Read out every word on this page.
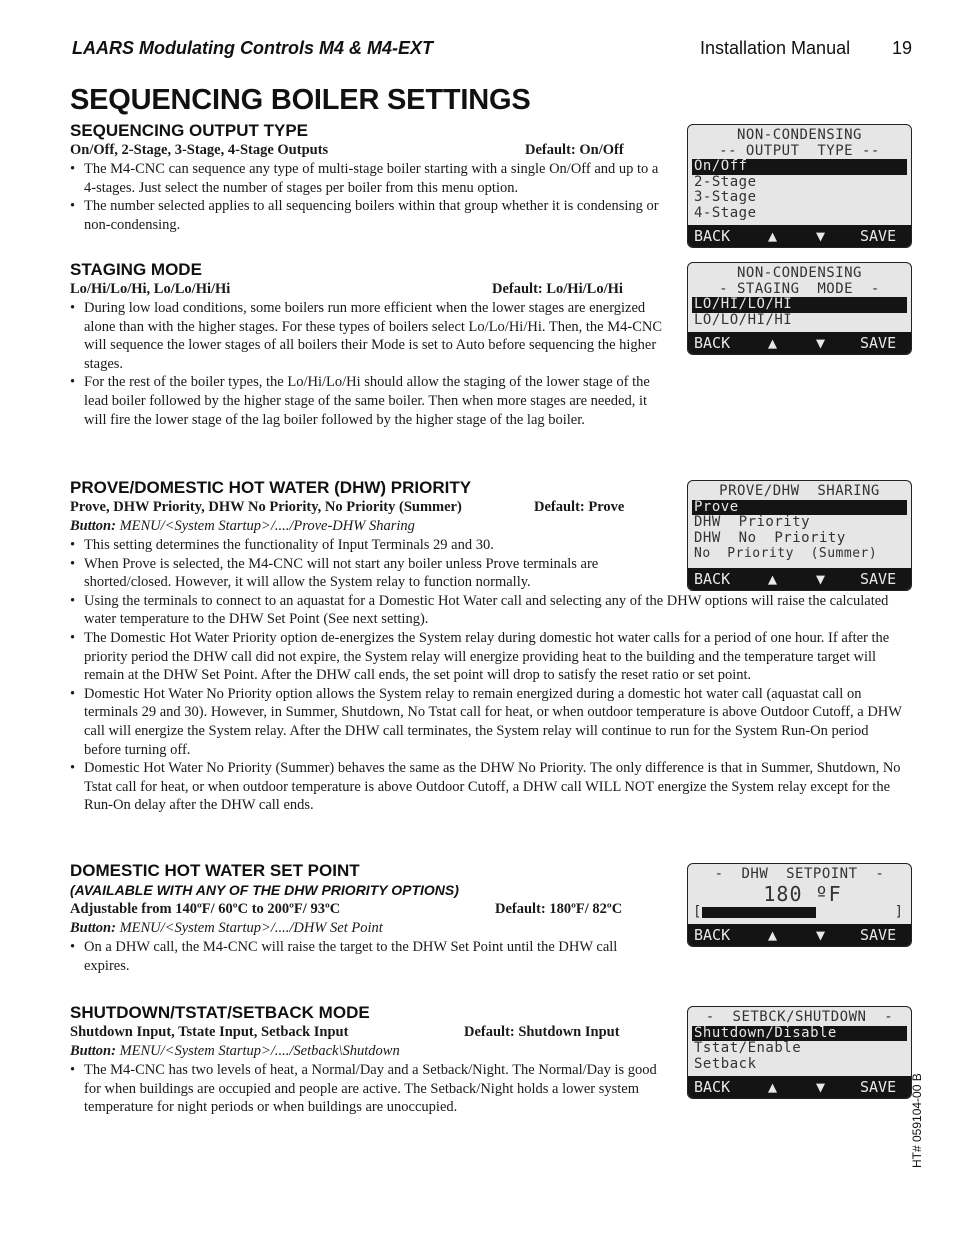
LAARS Modulating Controls M4 & M4-EXT	Installation Manual 19
SEQUENCING BOILER SETTINGS
SEQUENCING OUTPUT TYPE
On/Off, 2-Stage, 3-Stage, 4-Stage Outputs	Default: On/Off
• The M4-CNC can sequence any type of multi-stage boiler starting with a single On/Off and up to a 4-stages. Just select the number of stages per boiler from this menu option.
• The number selected applies to all sequencing boilers within that group whether it is condensing or non-condensing.
STAGING MODE
Lo/Hi/Lo/Hi, Lo/Lo/Hi/Hi	Default: Lo/Hi/Lo/Hi
• During low load conditions, some boilers run more efficient when the lower stages are energized alone than with the higher stages. For these types of boilers select Lo/Lo/Hi/Hi. Then, the M4-CNC will sequence the lower stages of all boilers their Mode is set to Auto before sequencing the higher stages.
• For the rest of the boiler types, the Lo/Hi/Lo/Hi should allow the staging of the lower stage of the lead boiler followed by the higher stage of the same boiler. Then when more stages are needed, it will fire the lower stage of the lag boiler followed by the higher stage of the lag boiler.
PROVE/DOMESTIC HOT WATER (DHW) PRIORITY
Prove, DHW Priority, DHW No Priority, No Priority (Summer)	Default: Prove
Button: MENU/<System Startup>/..../Prove-DHW Sharing
• This setting determines the functionality of Input Terminals 29 and 30.
• When Prove is selected, the M4-CNC will not start any boiler unless Prove terminals are shorted/closed. However, it will allow the System relay to function normally.
• Using the terminals to connect to an aquastat for a Domestic Hot Water call and selecting any of the DHW options will raise the calculated water temperature to the DHW Set Point (See next setting).
• The Domestic Hot Water Priority option de-energizes the System relay during domestic hot water calls for a period of one hour. If after the priority period the DHW call did not expire, the System relay will energize providing heat to the building and the temperature target will remain at the DHW Set Point. After the DHW call ends, the set point will drop to satisfy the reset ratio or set point.
• Domestic Hot Water No Priority option allows the System relay to remain energized during a domestic hot water call (aquastat call on terminals 29 and 30). However, in Summer, Shutdown, No Tstat call for heat, or when outdoor temperature is above Outdoor Cutoff, a DHW call will energize the System relay. After the DHW call terminates, the System relay will continue to run for the System Run-On period before turning off.
• Domestic Hot Water No Priority (Summer) behaves the same as the DHW No Priority. The only difference is that in Summer, Shutdown, No Tstat call for heat, or when outdoor temperature is above Outdoor Cutoff, a DHW call WILL NOT energize the System relay except for the Run-On delay after the DHW call ends.
DOMESTIC HOT WATER SET POINT
(AVAILABLE WITH ANY OF THE DHW PRIORITY OPTIONS)
Adjustable from 140ºF/ 60ºC to 200ºF/ 93ºC	Default: 180ºF/ 82ºC
Button: MENU/<System Startup>/..../DHW Set Point
• On a DHW call, the M4-CNC will raise the target to the DHW Set Point until the DHW call expires.
SHUTDOWN/TSTAT/SETBACK MODE
Shutdown Input, Tstate Input, Setback Input	Default: Shutdown Input
Button: MENU/<System Startup>/..../Setback\Shutdown
• The M4-CNC has two levels of heat, a Normal/Day and a Setback/Night. The Normal/Day is good for when buildings are occupied and people are active. The Setback/Night holds a lower system temperature for night periods or when buildings are unoccupied.
NON-CONDENSING
-- OUTPUT  TYPE --
On/Off
2-Stage
3-Stage
4-Stage
BACK	▲	▼ SAVE
NON-CONDENSING
- STAGING  MODE  -
LO/HI/LO/HI
LO/LO/HI/HI
BACK	▲	▼ SAVE
PROVE/DHW  SHARING
Prove
DHW  Priority
DHW  No  Priority
No  Priority  (Summer)
BACK	▲	▼ SAVE
-  DHW  SETPOINT  -
180 ºF
[	]
BACK	▲	▼ SAVE
-  SETBCK/SHUTDOWN  -
Shutdown/Disable
Tstat/Enable
Setback
BACK	▲	▼ SAVE HT# 059104-00 B
